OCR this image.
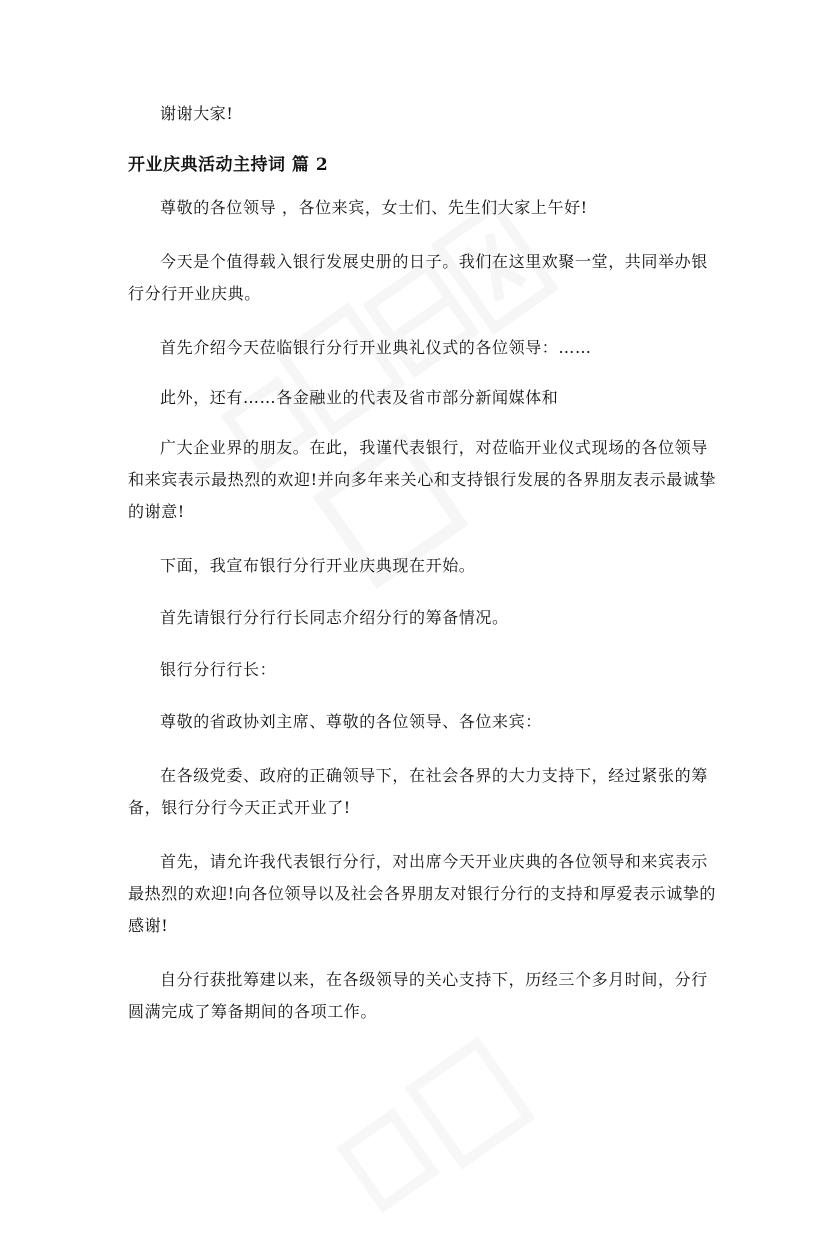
谢谢大家!

开业庆典活动主持词 篇 2

尊敬的各位领导 ，各位来宾，女士们、先生们大家上午好!

今天是个值得载入银行发展史册的日子。我们在这里欢聚一堂，共同举办银行分行开业庆典。

首先介绍今天莅临银行分行开业典礼仪式的各位领导：……

此外，还有……各金融业的代表及省市部分新闻媒体和

广大企业界的朋友。在此，我谨代表银行，对莅临开业仪式现场的各位领导和来宾表示最热烈的欢迎!并向多年来关心和支持银行发展的各界朋友表示最诚挚的谢意!

下面，我宣布银行分行开业庆典现在开始。

首先请银行分行行长同志介绍分行的筹备情况。

银行分行行长：

尊敬的省政协刘主席、尊敬的各位领导、各位来宾：

在各级党委、政府的正确领导下，在社会各界的大力支持下，经过紧张的筹备，银行分行今天正式开业了!

首先，请允许我代表银行分行，对出席今天开业庆典的各位领导和来宾表示最热烈的欢迎!向各位领导以及社会各界朋友对银行分行的支持和厚爱表示诚挚的感谢!

自分行获批筹建以来，在各级领导的关心支持下，历经三个多月时间，分行圆满完成了筹备期间的各项工作。
